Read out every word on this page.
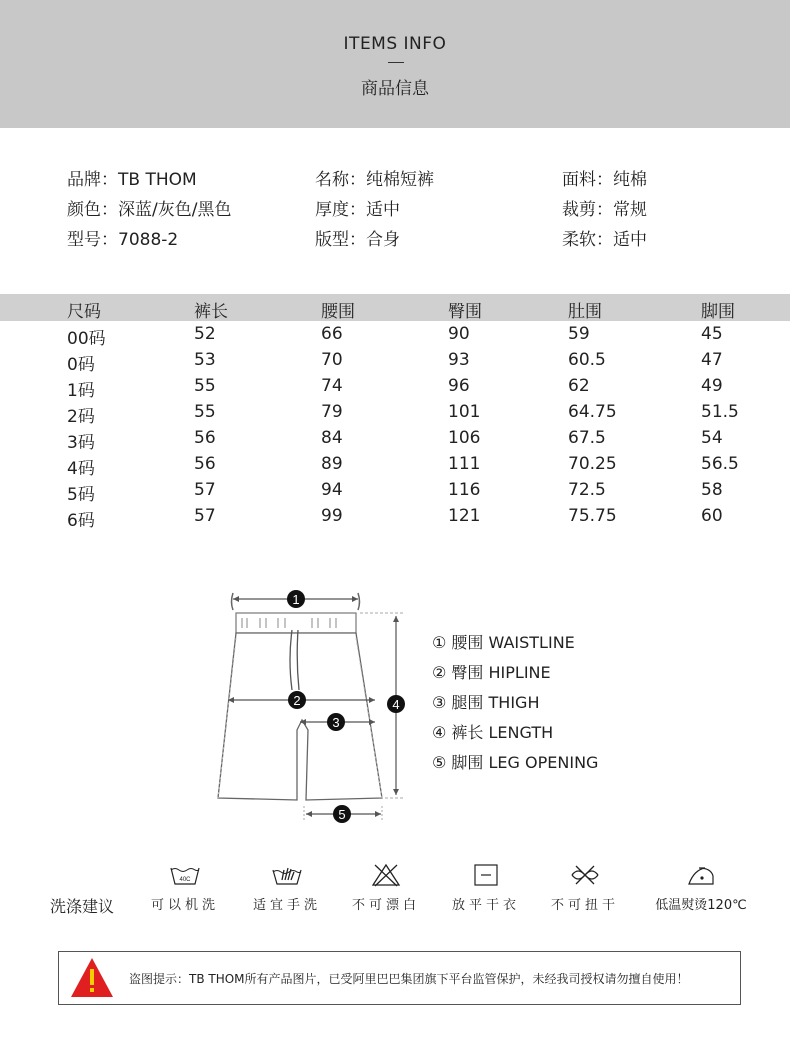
ITEMS INFO
商品信息
品牌：TB THOM	名称：纯棉短裤	面料：纯棉
颜色：深蓝/灰色/黑色	厚度：适中	裁剪：常规
型号：7088-2	版型：合身	柔软：适中
尺码	裤长	腰围	臀围	肚围	脚围
00码	52	66	90	59	45
0码	53	70	93	60.5	47
1码	55	74	96	62	49
2码	55	79	101	64.75	51.5
3码	56	84	106	67.5	54
4码	56	89	111	70.25	56.5
5码	57	94	116	72.5	58
6码	57	99	121	75.75	60
1
2
3
4
5
① 腰围 WAISTLINE
② 臀围 HIPLINE
③ 腿围 THIGH
④ 裤长 LENGTH
⑤ 脚围 LEG OPENING
洗涤建议
40C
可以机洗	适宜手洗	不可漂白	放平干衣	不可扭干	低温熨烫120℃
盗图提示：TB THOM所有产品图片，已受阿里巴巴集团旗下平台监管保护，未经我司授权请勿擅自使用！
